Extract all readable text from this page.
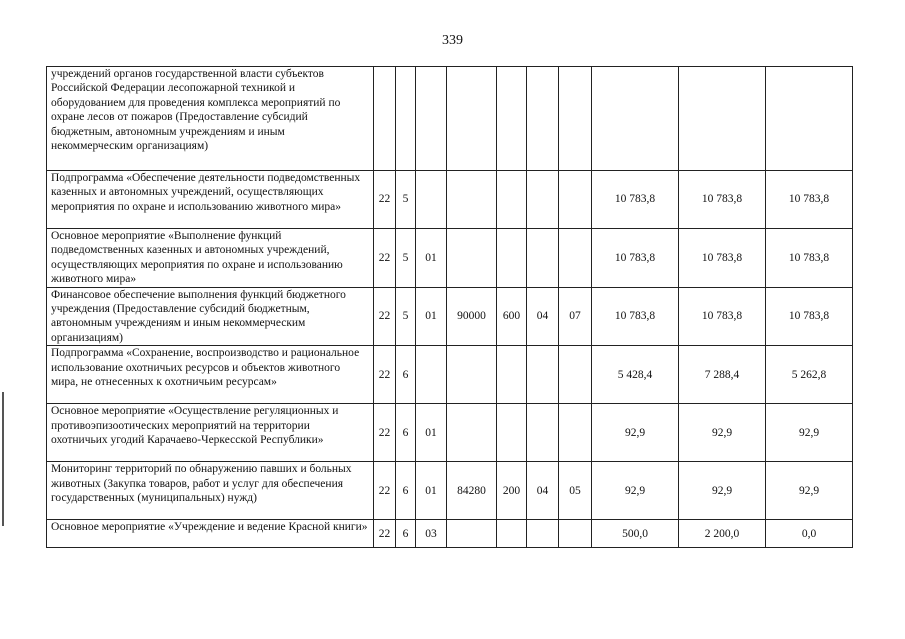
339
учреждений органов государственной власти субъектов Российской Федерации лесопожарной техникой и оборудованием для проведения комплекса мероприятий по охране лесов от пожаров (Предоставление субсидий бюджетным, автономным учреждениям и иным некоммерческим организациям)										
Подпрограмма «Обеспечение деятельности подведомственных казенных и автономных учреждений, осуществляющих мероприятия по охране и использованию животного мира»	22	5						10 783,8	10 783,8	10 783,8
Основное мероприятие «Выполнение функций подведомственных казенных и автономных учреждений, осуществляющих мероприятия по охране и использованию животного мира»	22	5	01					10 783,8	10 783,8	10 783,8
Финансовое обеспечение выполнения функций бюджетного учреждения (Предоставление субсидий бюджетным, автономным учреждениям и иным некоммерческим организациям)	22	5	01	90000	600	04	07	10 783,8	10 783,8	10 783,8
Подпрограмма «Сохранение, воспроизводство и рациональное использование охотничьих ресурсов и объектов животного мира, не отнесенных к охотничьим ресурсам»	22	6						5 428,4	7 288,4	5 262,8
Основное мероприятие «Осуществление регуляционных и противоэпизоотических мероприятий на территории охотничьих угодий Карачаево-Черкесской Республики»	22	6	01					92,9	92,9	92,9
Мониторинг территорий по обнаружению павших и больных животных (Закупка товаров, работ и услуг для обеспечения государственных (муниципальных) нужд)	22	6	01	84280	200	04	05	92,9	92,9	92,9
Основное мероприятие «Учреждение и ведение Красной книги»	22	6	03					500,0	2 200,0	0,0
